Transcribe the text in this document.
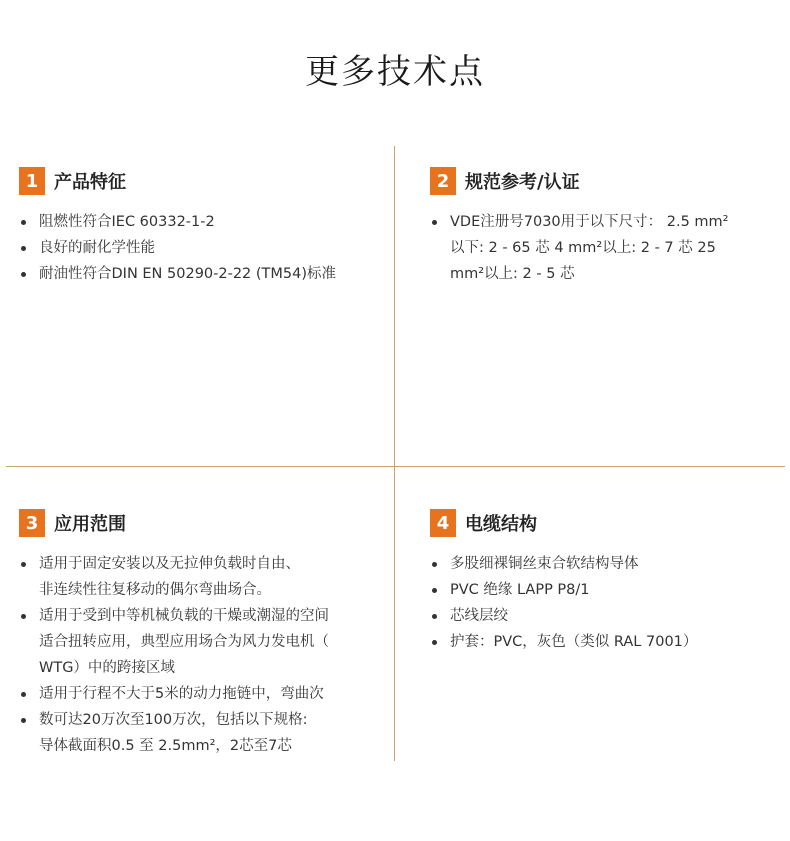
更多技术点
1 产品特征
阻燃性符合IEC 60332-1-2
良好的耐化学性能
耐油性符合DIN EN 50290-2-22 (TM54)标准
2 规范参考/认证
VDE注册号7030用于以下尺寸： 2.5 mm²
以下: 2 - 65 芯 4 mm²以上: 2 - 7 芯 25
mm²以上: 2 - 5 芯
3 应用范围
适用于固定安装以及无拉伸负载时自由、
非连续性往复移动的偶尔弯曲场合。
适用于受到中等机械负载的干燥或潮湿的空间
适合扭转应用，典型应用场合为风力发电机（
WTG）中的跨接区域
适用于行程不大于5米的动力拖链中，弯曲次
数可达20万次至100万次，包括以下规格:
导体截面积0.5 至 2.5mm²，2芯至7芯
4 电缆结构
多股细裸铜丝束合软结构导体
PVC 绝缘 LAPP P8/1
芯线层绞
护套：PVC，灰色（类似 RAL 7001）
